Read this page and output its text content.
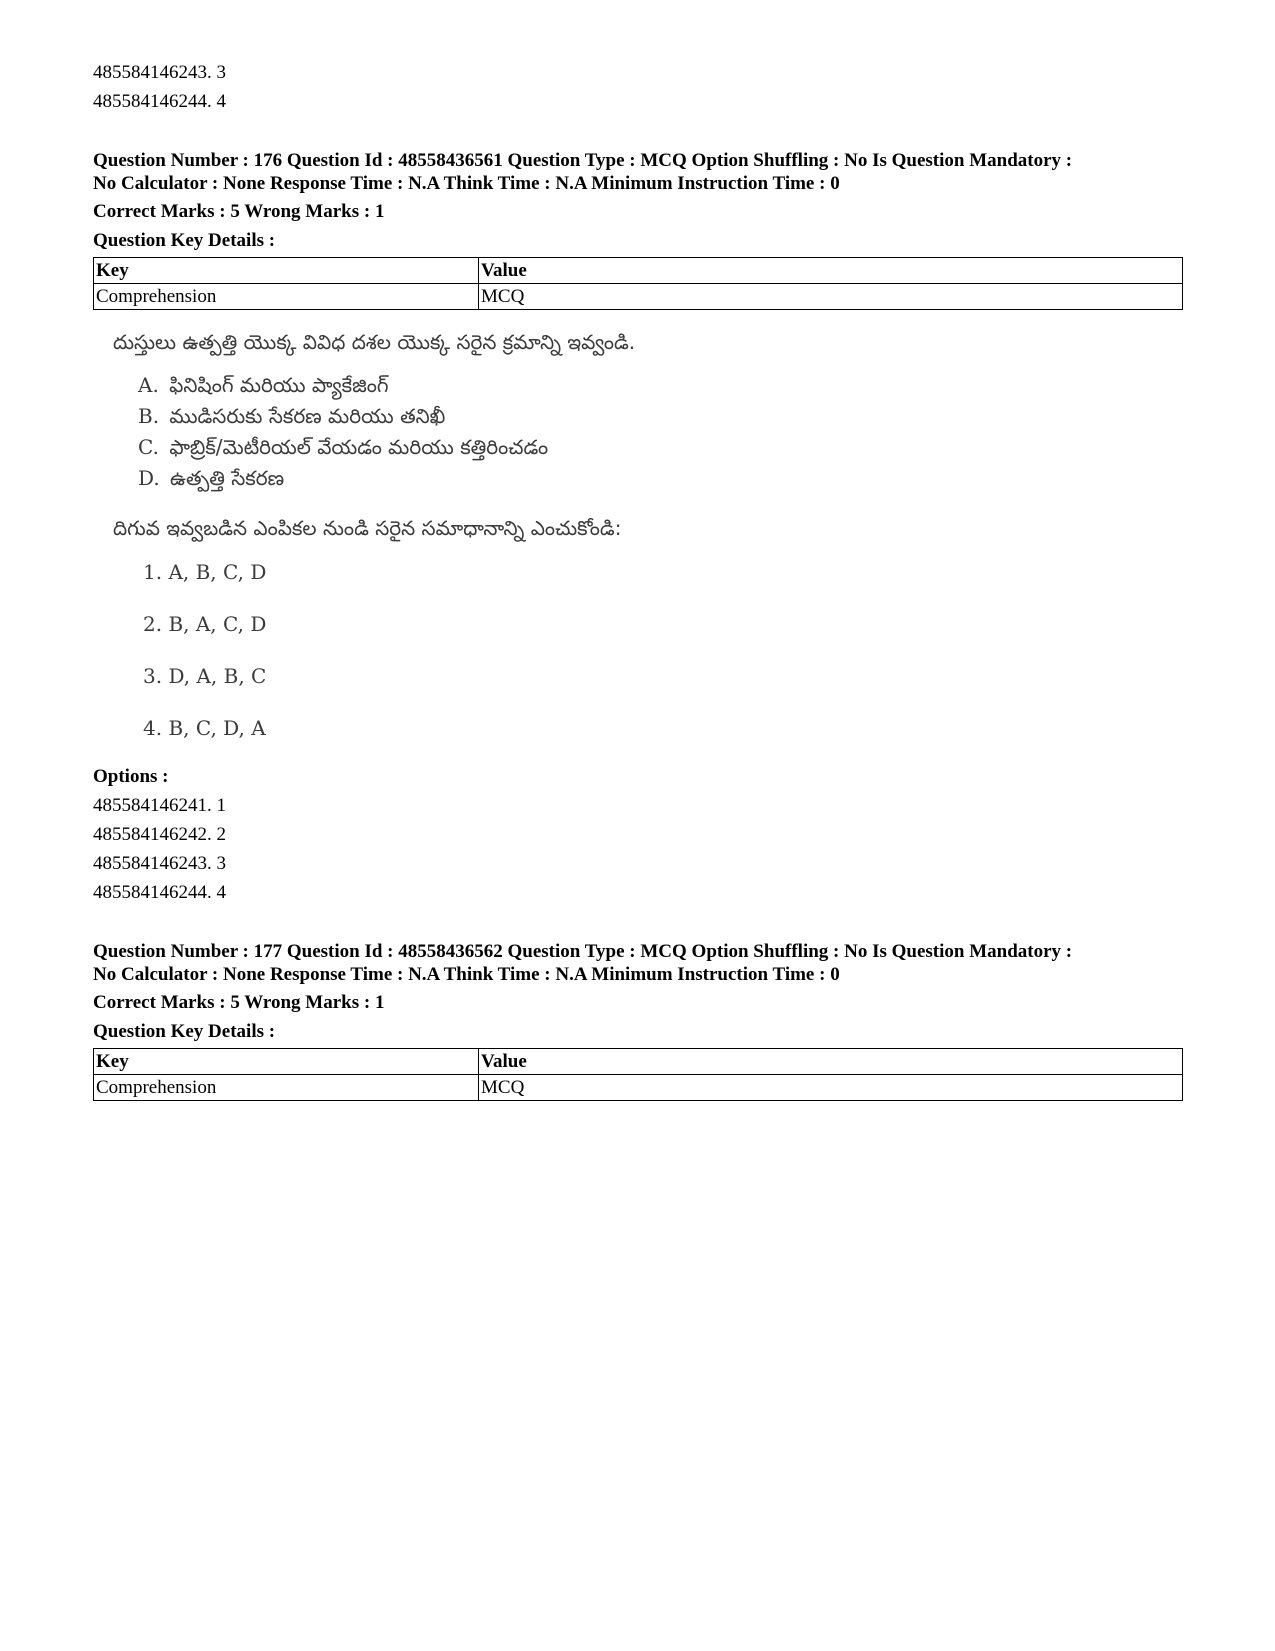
485584146243. 3
485584146244. 4
Question Number : 176 Question Id : 48558436561 Question Type : MCQ Option Shuffling : No Is Question Mandatory :
No Calculator : None Response Time : N.A Think Time : N.A Minimum Instruction Time : 0
Correct Marks : 5 Wrong Marks : 1
Question Key Details :
Key	Value
Comprehension	MCQ
దుస్తులు ఉత్పత్తి యొక్క వివిధ దశల యొక్క సరైన క్రమాన్ని ఇవ్వండి.
A. ఫినిషింగ్ మరియు ప్యాకేజింగ్
B. ముడిసరుకు సేకరణ మరియు తనిఖీ
C. ఫాబ్రిక్/మెటీరియల్ వేయడం మరియు కత్తిరించడం
D. ఉత్పత్తి సేకరణ
దిగువ ఇవ్వబడిన ఎంపికల నుండి సరైన సమాధానాన్ని ఎంచుకోండి:
1. A, B, C, D
2. B, A, C, D
3. D, A, B, C
4. B, C, D, A
Options :
485584146241. 1
485584146242. 2
485584146243. 3
485584146244. 4
Question Number : 177 Question Id : 48558436562 Question Type : MCQ Option Shuffling : No Is Question Mandatory :
No Calculator : None Response Time : N.A Think Time : N.A Minimum Instruction Time : 0
Correct Marks : 5 Wrong Marks : 1
Question Key Details :
Key	Value
Comprehension	MCQ
